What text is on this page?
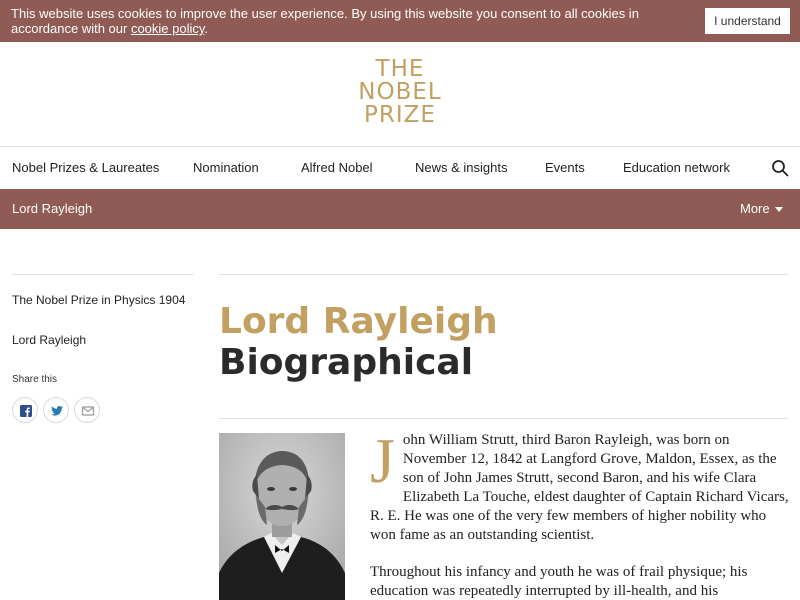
This website uses cookies to improve the user experience. By using this website you consent to all cookies in accordance with our cookie policy.	I understand
THE
NOBEL
PRIZE
Nobel Prizes & Laureates	Nomination	Alfred Nobel	News & insights	Events	Education network
Lord Rayleigh	More
The Nobel Prize in Physics 1904
Lord Rayleigh
Share this
Lord Rayleigh
Biographical

John William Strutt, third Baron Rayleigh, was born on November 12, 1842 at Langford Grove, Maldon, Essex, as the son of John James Strutt, second Baron, and his wife Clara Elizabeth La Touche, eldest daughter of Captain Richard Vicars, R. E. He was one of the very few members of higher nobility who won fame as an outstanding scientist.

Throughout his infancy and youth he was of frail physique; his education was repeatedly interrupted by ill-health, and his
